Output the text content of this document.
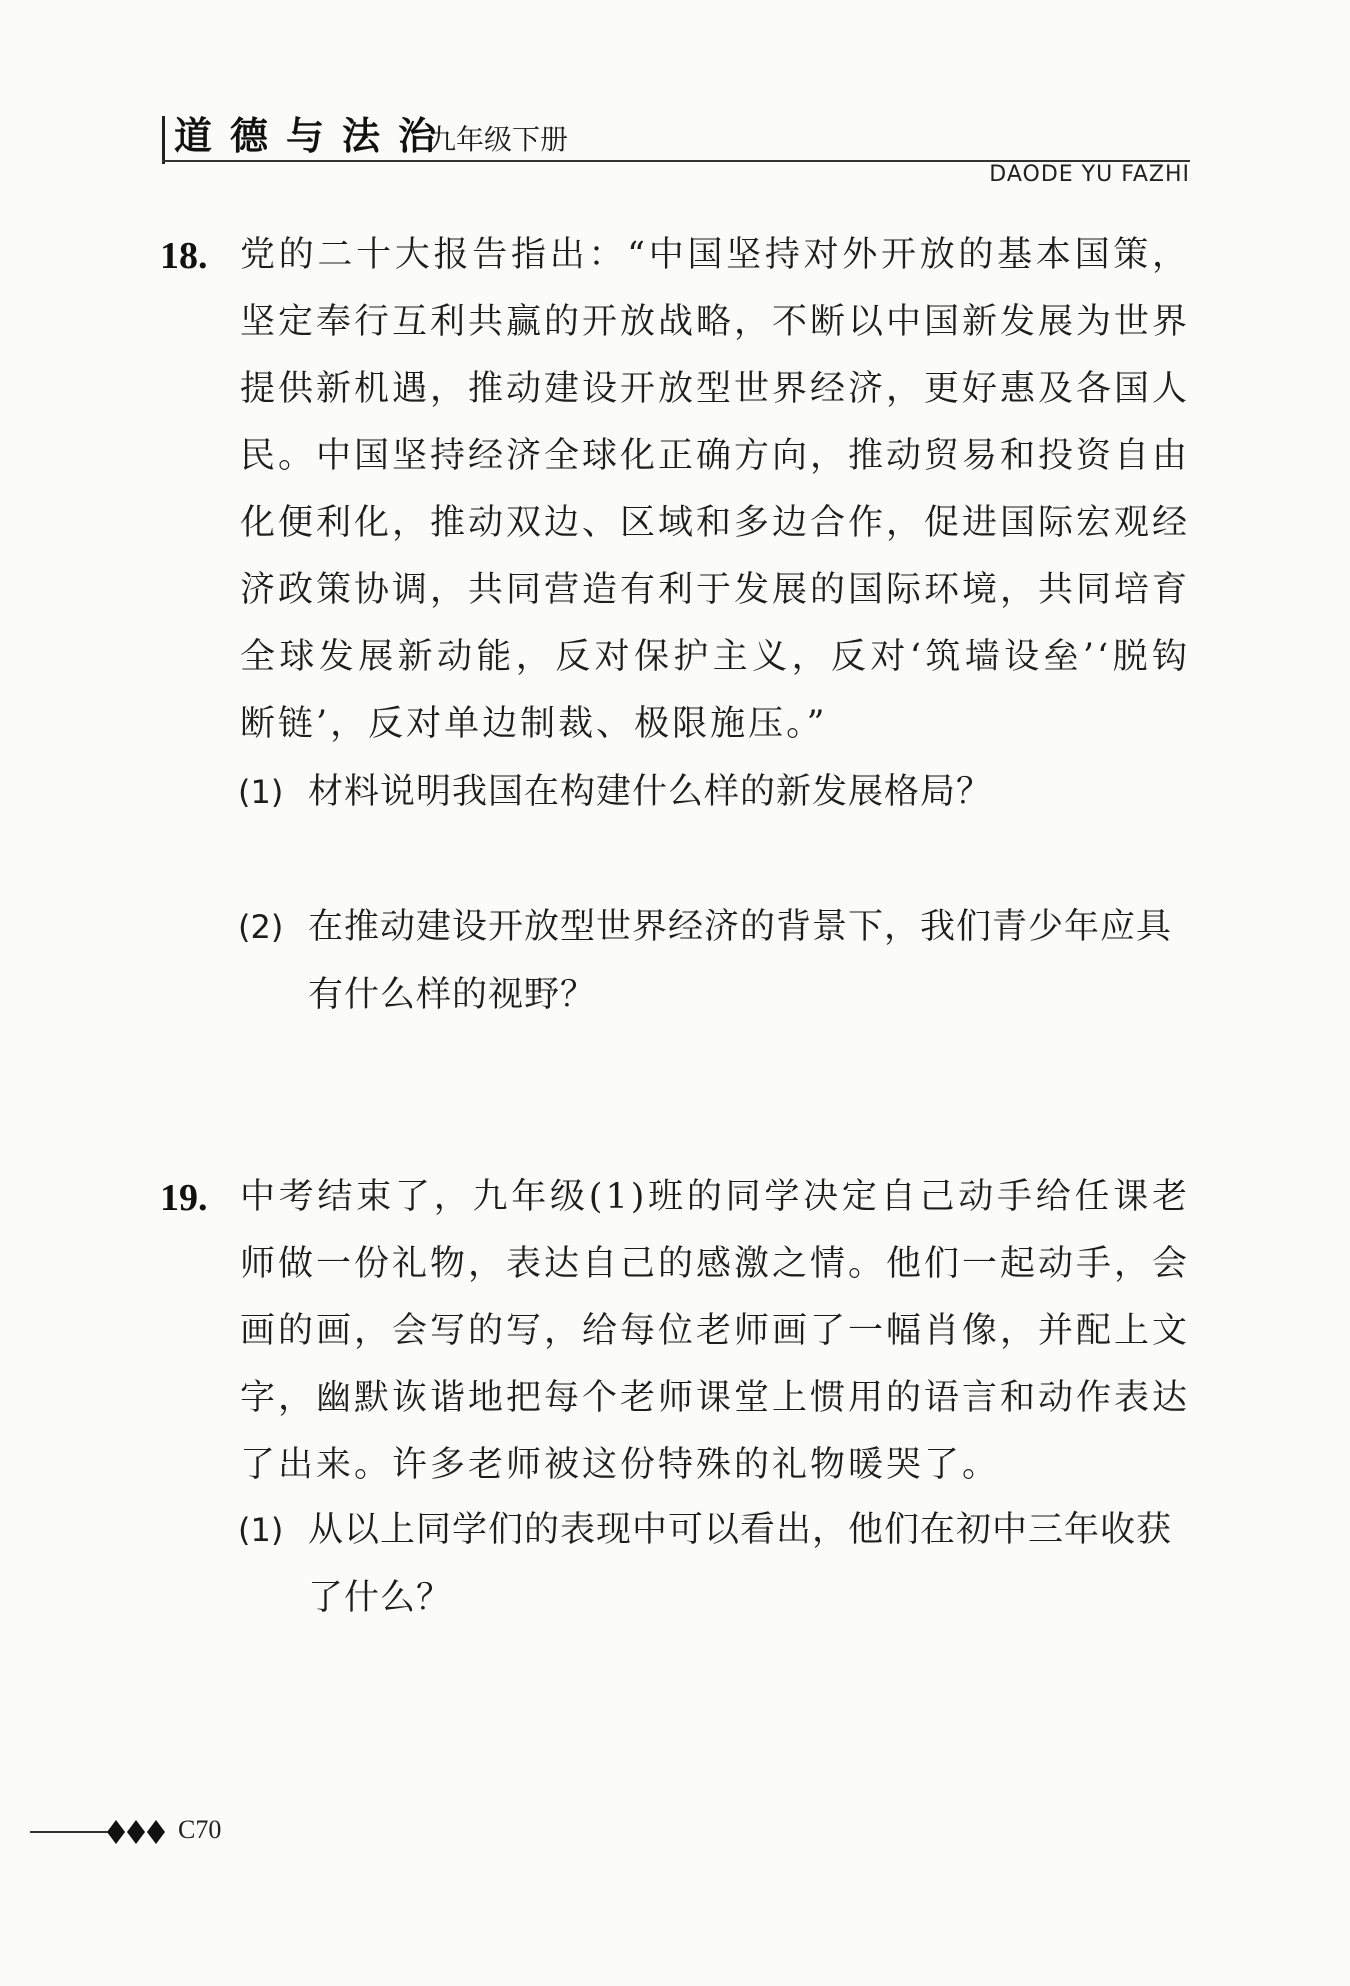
道德与法治
九年级下册
DAODE YU FAZHI
18. 党的二十大报告指出：“中国坚持对外开放的基本国策，坚定奉行互利共赢的开放战略，不断以中国新发展为世界提供新机遇，推动建设开放型世界经济，更好惠及各国人民。中国坚持经济全球化正确方向，推动贸易和投资自由化便利化，推动双边、区域和多边合作，促进国际宏观经济政策协调，共同营造有利于发展的国际环境，共同培育全球发展新动能，反对保护主义，反对‘筑墙设垒’‘脱钩断链’，反对单边制裁、极限施压。”

(1) 材料说明我国在构建什么样的新发展格局？

(2) 在推动建设开放型世界经济的背景下，我们青少年应具有什么样的视野？

19. 中考结束了，九年级(1)班的同学决定自己动手给任课老师做一份礼物，表达自己的感激之情。他们一起动手，会画的画，会写的写，给每位老师画了一幅肖像，并配上文字，幽默诙谐地把每个老师课堂上惯用的语言和动作表达了出来。许多老师被这份特殊的礼物暖哭了。

(1) 从以上同学们的表现中可以看出，他们在初中三年收获了什么？

C70
